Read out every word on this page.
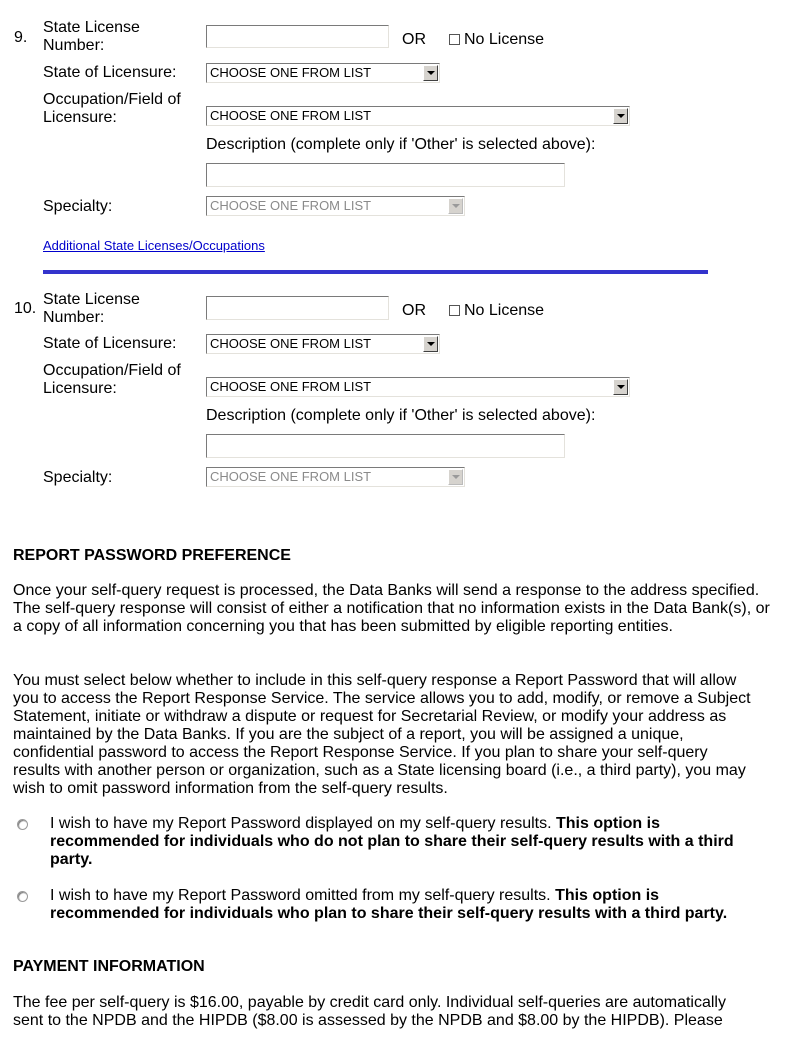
9.
State License
Number:	OR No License
State of Licensure:	CHOOSE ONE FROM LIST
Occupation/Field of
Licensure:	CHOOSE ONE FROM LIST
Description (complete only if 'Other' is selected above):
Specialty:	CHOOSE ONE FROM LIST
Additional State Licenses/Occupations
10.
State License
Number:	OR No License
State of Licensure:	CHOOSE ONE FROM LIST
Occupation/Field of
Licensure:	CHOOSE ONE FROM LIST
Description (complete only if 'Other' is selected above):
Specialty:	CHOOSE ONE FROM LIST
REPORT PASSWORD PREFERENCE
Once your self-query request is processed, the Data Banks will send a response to the address specified. The self-query response will consist of either a notification that no information exists in the Data Bank(s), or a copy of all information concerning you that has been submitted by eligible reporting entities.
You must select below whether to include in this self-query response a Report Password that will allow you to access the Report Response Service. The service allows you to add, modify, or remove a Subject Statement, initiate or withdraw a dispute or request for Secretarial Review, or modify your address as maintained by the Data Banks. If you are the subject of a report, you will be assigned a unique, confidential password to access the Report Response Service. If you plan to share your self-query results with another person or organization, such as a State licensing board (i.e., a third party), you may wish to omit password information from the self-query results.
I wish to have my Report Password displayed on my self-query results. This option is recommended for individuals who do not plan to share their self-query results with a third party.
I wish to have my Report Password omitted from my self-query results. This option is recommended for individuals who plan to share their self-query results with a third party.
PAYMENT INFORMATION
The fee per self-query is $16.00, payable by credit card only. Individual self-queries are automatically sent to the NPDB and the HIPDB ($8.00 is assessed by the NPDB and $8.00 by the HIPDB). Please
